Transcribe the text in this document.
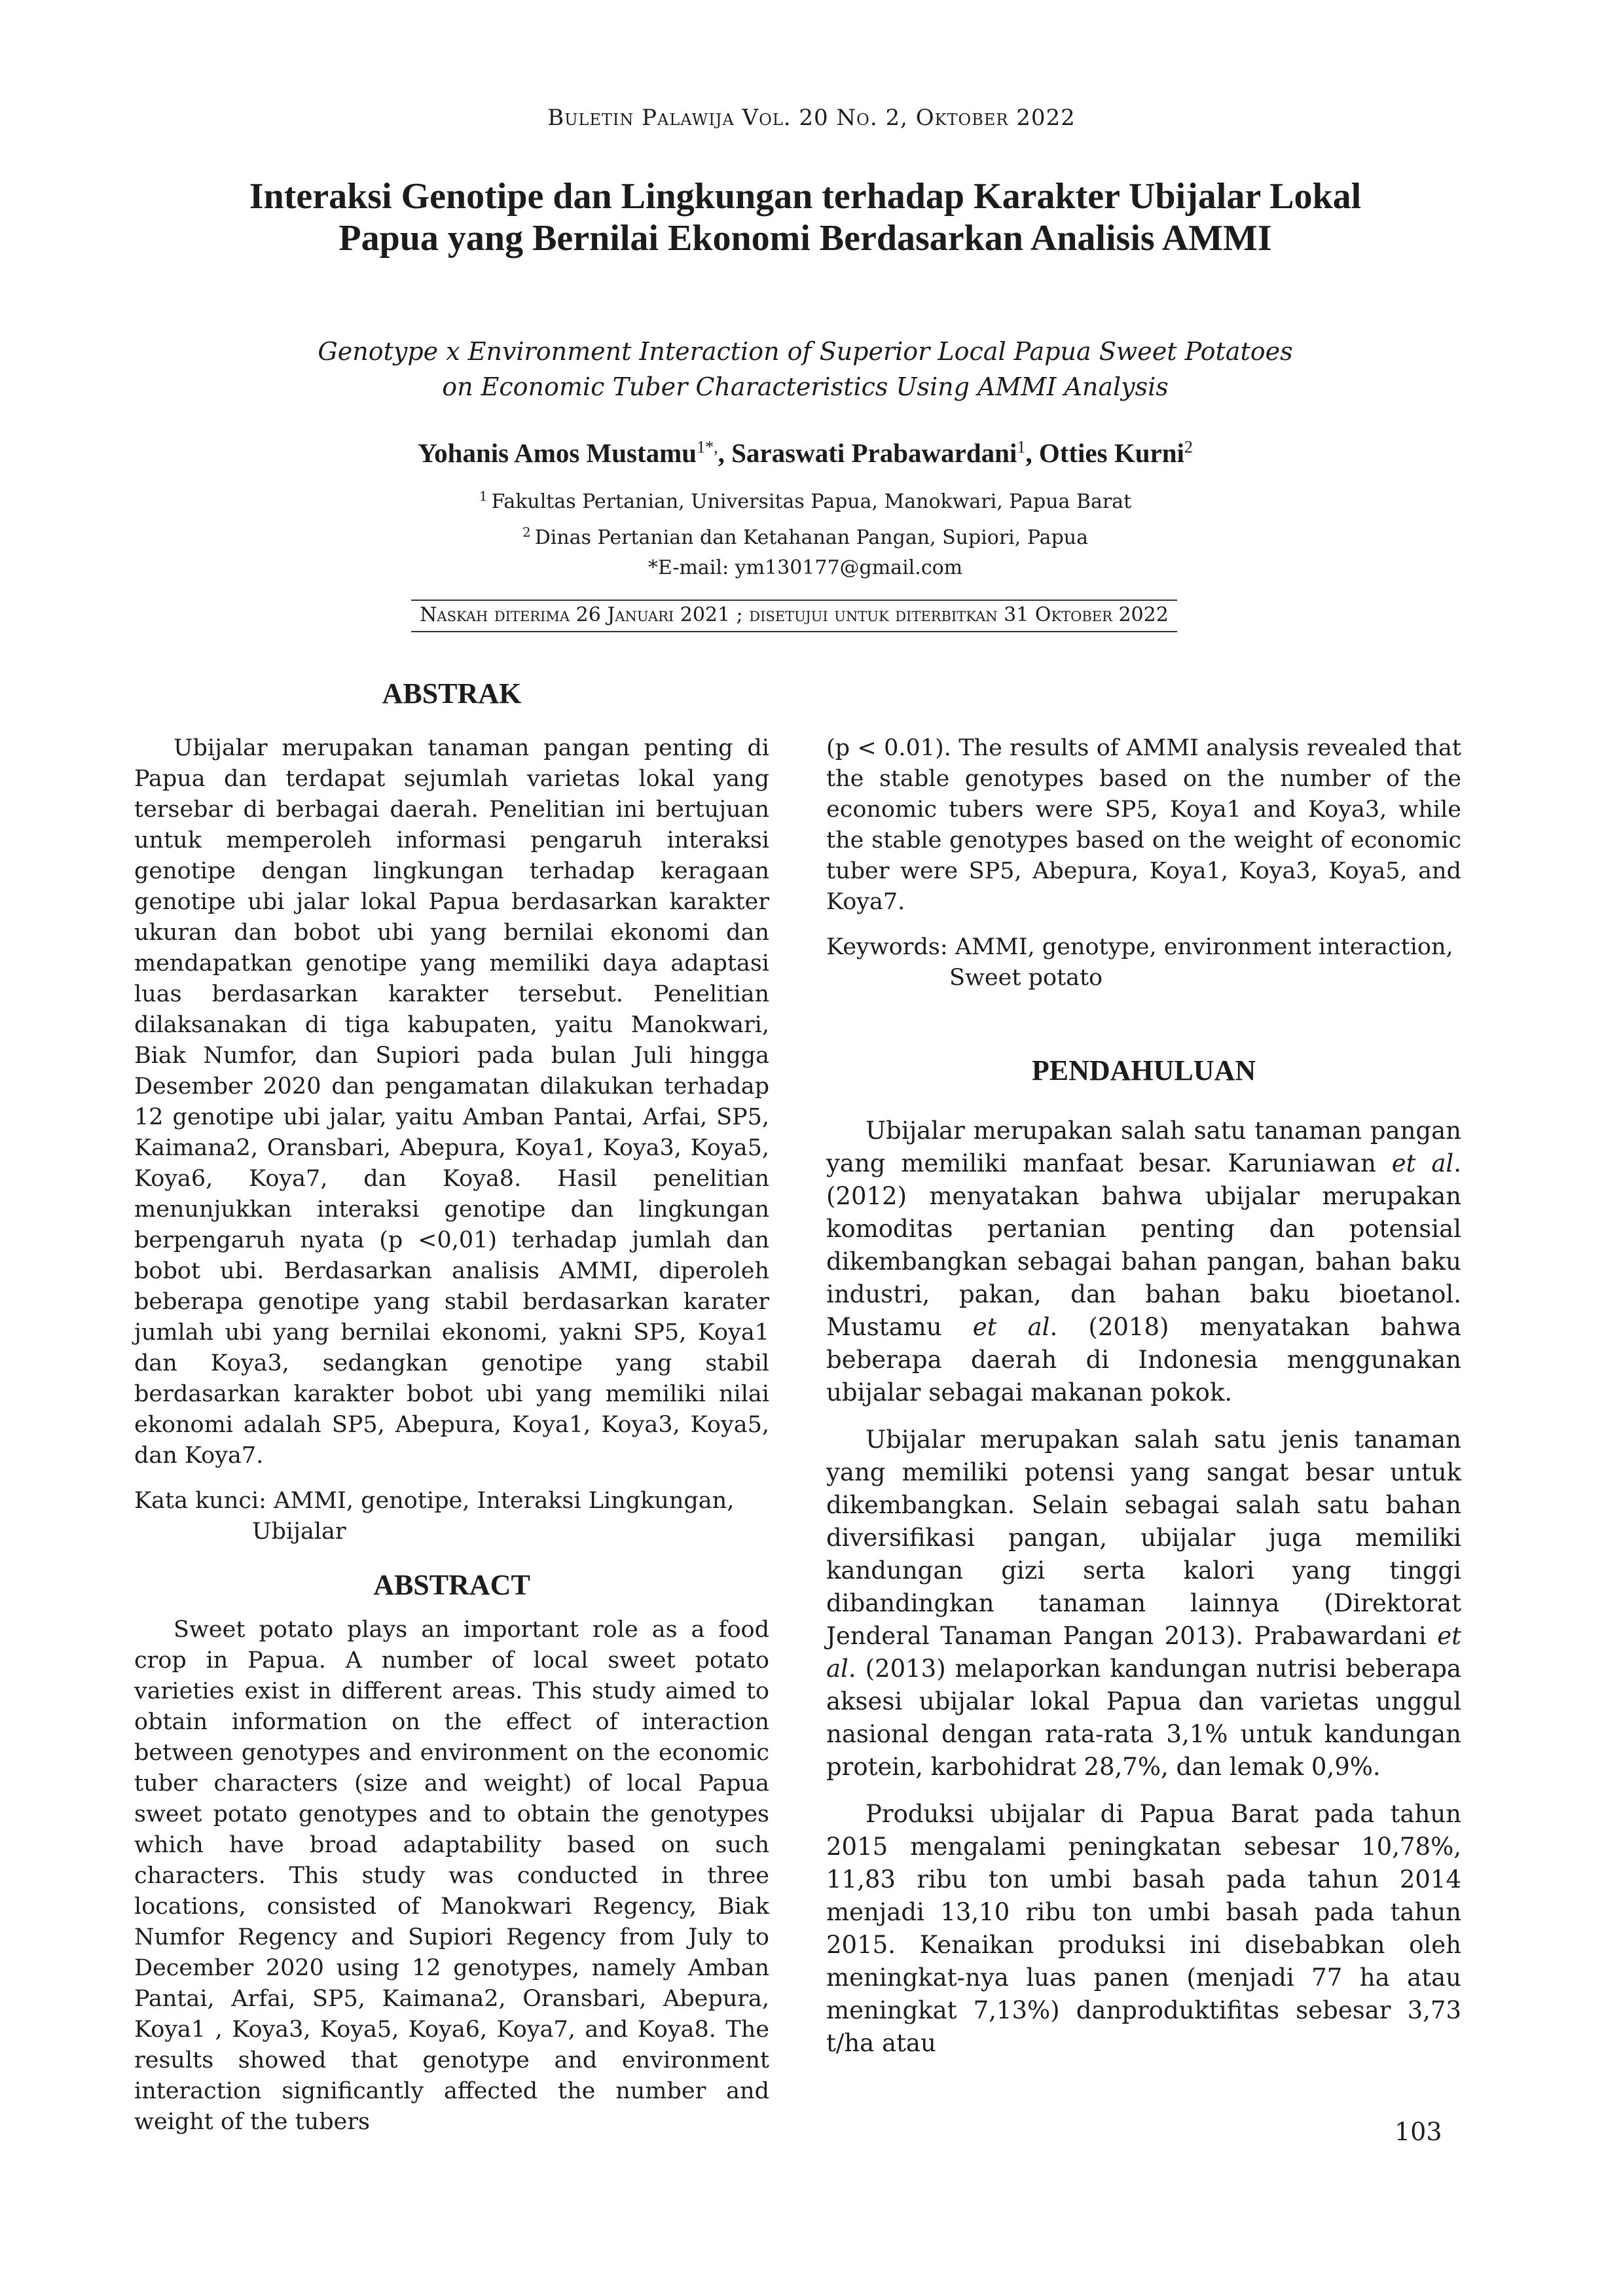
Buletin Palawija Vol. 20 No. 2, Oktober 2022
Interaksi Genotipe dan Lingkungan terhadap Karakter Ubijalar Lokal Papua yang Bernilai Ekonomi Berdasarkan Analisis AMMI
Genotype x Environment Interaction of Superior Local Papua Sweet Potatoes
on Economic Tuber Characteristics Using AMMI Analysis
Yohanis Amos Mustamu$^{1*,}$, Saraswati Prabawardani$^1$, Otties Kurni$^2$
$^1$ Fakultas Pertanian, Universitas Papua, Manokwari, Papua Barat
$^2$ Dinas Pertanian dan Ketahanan Pangan, Supiori, Papua
*E-mail: ym130177@gmail.com
Naskah diterima 26 Januari 2021 ; disetujui untuk diterbitkan 31 Oktober 2022
ABSTRAK

Ubijalar merupakan tanaman pangan penting di Papua dan terdapat sejumlah varietas lokal yang tersebar di berbagai daerah. Penelitian ini bertujuan untuk memperoleh informasi pengaruh interaksi genotipe dengan lingkungan terhadap keragaan genotipe ubi jalar lokal Papua berdasarkan karakter ukuran dan bobot ubi yang bernilai ekonomi dan mendapatkan genotipe yang memiliki daya adaptasi luas berdasarkan karakter tersebut. Penelitian dilaksanakan di tiga kabupaten, yaitu Manokwari, Biak Numfor, dan Supiori pada bulan Juli hingga Desember 2020 dan pengamatan dilakukan terhadap 12 genotipe ubi jalar, yaitu Amban Pantai, Arfai, SP5, Kaimana2, Oransbari, Abepura, Koya1, Koya3, Koya5, Koya6, Koya7, dan Koya8. Hasil penelitian menunjukkan interaksi genotipe dan lingkungan berpengaruh nyata (p <0,01) terhadap jumlah dan bobot ubi. Berdasarkan analisis AMMI, diperoleh beberapa genotipe yang stabil berdasarkan karater jumlah ubi yang bernilai ekonomi, yakni SP5, Koya1 dan Koya3, sedangkan genotipe yang stabil berdasarkan karakter bobot ubi yang memiliki nilai ekonomi adalah SP5, Abepura, Koya1, Koya3, Koya5, dan Koya7.

Kata kunci: AMMI, genotipe, Interaksi Lingkungan,
Ubijalar

ABSTRACT

Sweet potato plays an important role as a food crop in Papua. A number of local sweet potato varieties exist in different areas. This study aimed to obtain information on the effect of interaction between genotypes and environment on the economic tuber characters (size and weight) of local Papua sweet potato genotypes and to obtain the genotypes which have broad adaptability based on such characters. This study was conducted in three locations, consisted of Manokwari Regency, Biak Numfor Regency and Supiori Regency from July to December 2020 using 12 genotypes, namely Amban Pantai, Arfai, SP5, Kaimana2, Oransbari, Abepura, Koya1 , Koya3, Koya5, Koya6, Koya7, and Koya8. The results showed that genotype and environment interaction significantly affected the number and weight of the tubers

(p < 0.01). The results of AMMI analysis revealed that the stable genotypes based on the number of the economic tubers were SP5, Koya1 and Koya3, while the stable genotypes based on the weight of economic tuber were SP5, Abepura, Koya1, Koya3, Koya5, and Koya7.

Keywords: AMMI, genotype, environment interaction,
Sweet potato

PENDAHULUAN

Ubijalar merupakan salah satu tanaman pangan yang memiliki manfaat besar. Karuniawan et al. (2012) menyatakan bahwa ubijalar merupakan komoditas pertanian penting dan potensial dikembangkan sebagai bahan pangan, bahan baku industri, pakan, dan bahan baku bioetanol. Mustamu et al. (2018) menyatakan bahwa beberapa daerah di Indonesia menggunakan ubijalar sebagai makanan pokok.

Ubijalar merupakan salah satu jenis tanaman yang memiliki potensi yang sangat besar untuk dikembangkan. Selain sebagai salah satu bahan diversifikasi pangan, ubijalar juga memiliki kandungan gizi serta kalori yang tinggi dibandingkan tanaman lainnya (Direktorat Jenderal Tanaman Pangan 2013). Prabawardani et al. (2013) melaporkan kandungan nutrisi beberapa aksesi ubijalar lokal Papua dan varietas unggul nasional dengan rata-rata 3,1% untuk kandungan protein, karbohidrat 28,7%, dan lemak 0,9%.

Produksi ubijalar di Papua Barat pada tahun 2015 mengalami peningkatan sebesar 10,78%, 11,83 ribu ton umbi basah pada tahun 2014 menjadi 13,10 ribu ton umbi basah pada tahun 2015. Kenaikan produksi ini disebabkan oleh meningkat-nya luas panen (menjadi 77 ha atau meningkat 7,13%) danproduktifitas sebesar 3,73 t/ha atau

103
